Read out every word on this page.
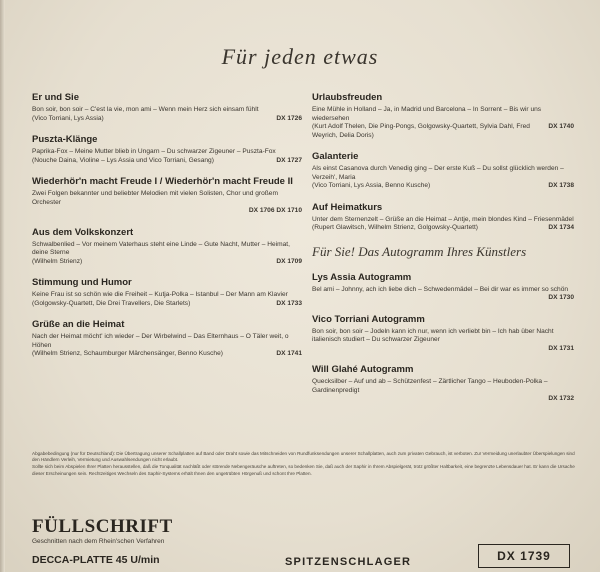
Für jeden etwas
Er und Sie

Bon soir, bon soir – C'est la vie, mon ami – Wenn mein Herz sich einsam fühlt

(Vico Torriani, Lys Assia)	DX 1726
Puszta-Klänge

Paprika-Fox – Meine Mutter blieb in Ungarn – Du schwarzer Zigeuner – Puszta-Fox

(Nouche Daina, Violine – Lys Assia und Vico Torriani, Gesang)	DX 1727
Wiederhör'n macht Freude I / Wiederhör'n macht Freude II

Zwei Folgen bekannter und beliebter Melodien mit vielen Solisten, Chor und großem Orchester

DX 1706 DX 1710
Aus dem Volkskonzert

Schwalbenlied – Vor meinem Vaterhaus steht eine Linde – Gute Nacht, Mutter – Heimat, deine Sterne

(Wilhelm Strienz)	DX 1709
Stimmung und Humor

Keine Frau ist so schön wie die Freiheit – Kutja-Polka – Istanbul – Der Mann am Klavier

(Golgowsky-Quartett, Die Drei Travellers, Die Starlets)	DX 1733
Grüße an die Heimat

Nach der Heimat möcht' ich wieder – Der Wirbelwind – Das Elternhaus – O Täler weit, o Höhen

(Wilhelm Strienz, Schaumburger Märchensänger, Benno Kusche)	DX 1741
Urlaubsfreuden

Eine Mühle in Holland – Ja, in Madrid und Barcelona – In Sorrent – Bis wir uns wiedersehen

(Kurt Adolf Thelen, Die Ping-Pongs, Golgowsky-Quartett, Sylvia Dahl, Fred Weyrich, Delia Doris)
DX 1740
Galanterie

Als einst Casanova durch Venedig ging – Der erste Kuß – Du sollst glücklich werden – Verzeih', Maria

(Vico Torriani, Lys Assia, Benno Kusche)	DX 1738
Auf Heimatkurs

Unter dem Sternenzelt – Grüße an die Heimat – Antje, mein blondes Kind – Friesenmädel

(Rupert Glawitsch, Wilhelm Strienz, Golgowsky-Quartett)	DX 1734
Für Sie! Das Autogramm Ihres Künstlers
Lys Assia Autogramm
Bel ami – Johnny, ach ich liebe dich – Schwedenmädel – Bei dir war es immer so schön
DX 1730
Vico Torriani Autogramm
Bon soir, bon soir – Jodeln kann ich nur, wenn ich verliebt bin – Ich hab über Nacht italienisch studiert – Du schwarzer Zigeuner
DX 1731
Will Glahé Autogramm
Quecksilber – Auf und ab – Schützenfest – Zärtlicher Tango – Heuboden-Polka – Gardinenpredigt
DX 1732

Abgabebedingung (nur für Deutschland): Die Übertragung unserer Schallplatten auf Band oder Draht sowie das Mitschneiden von Rundfunksendungen unserer Schallplatten, auch zum privaten Gebrauch, ist verboten. Zur Vermeidung unerlaubter Überspielungen sind den Händlern Verleih, Vermietung und Auswahlsendungen nicht erlaubt.

Sollte sich beim Abspielen Ihrer Platten herausstellen, daß die Tonqualität nachläßt oder störende Nebengeräusche auftreten, so bedenken Sie, daß auch der Saphir in Ihrem Abspielgerät, trotz größter Haltbarkeit, eine begrenzte Lebensdauer hat. Er kann die Ursache dieser Erscheinungen sein. Rechtzeitiges Wechseln des Saphir-Systems erhält Ihnen den ungetrübten Hörgenuß und schont Ihre Platten.

FÜLLSCHRIFT
Geschnitten nach dem Rhein'schen Verfahren
DECCA-PLATTE 45 U/min	SPITZENSCHLAGER	DX 1739
